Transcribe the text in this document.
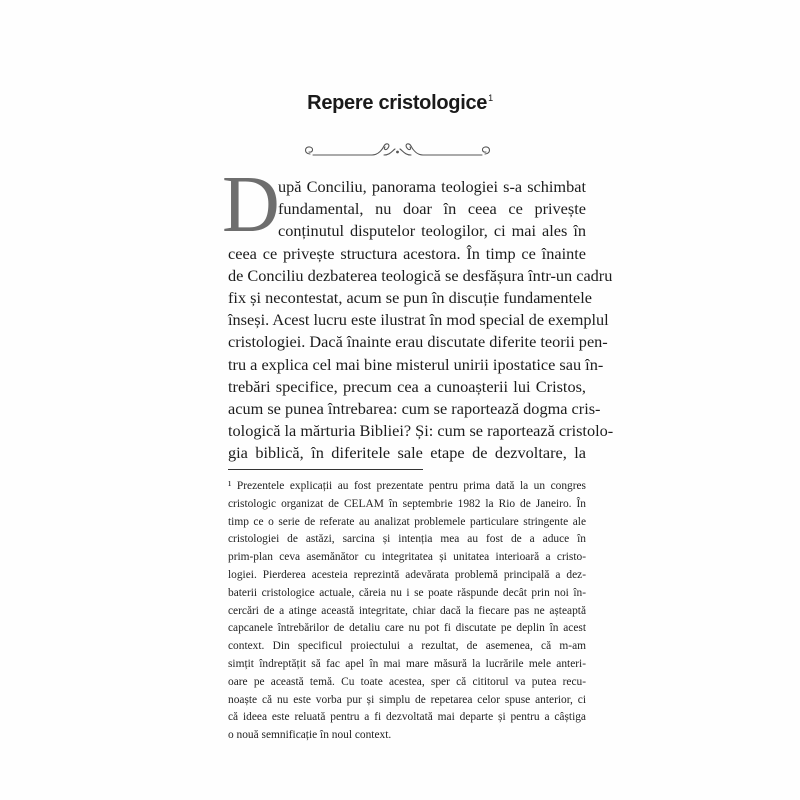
Repere cristologice$^1$
D
upă Conciliu, panorama teologiei s-a schimbat
fundamental, nu doar în ceea ce privește
conținutul disputelor teologilor, ci mai ales în
ceea ce privește structura acestora. În timp ce înainte
de Conciliu dezbaterea teologică se desfășura într-un cadru
fix și necontestat, acum se pun în discuție fundamentele
înseși. Acest lucru este ilustrat în mod special de exemplul
cristologiei. Dacă înainte erau discutate diferite teorii pen-
tru a explica cel mai bine misterul unirii ipostatice sau în-
trebări specifice, precum cea a cunoașterii lui Cristos,
acum se punea întrebarea: cum se raportează dogma cris-
tologică la mărturia Bibliei? Și: cum se raportează cristolo-
gia biblică, în diferitele sale etape de dezvoltare, la
¹ Prezentele explicații au fost prezentate pentru prima dată la un congres
cristologic organizat de CELAM în septembrie 1982 la Rio de Janeiro. În
timp ce o serie de referate au analizat problemele particulare stringente ale
cristologiei de astăzi, sarcina și intenția mea au fost de a aduce în
prim-plan ceva asemănător cu integritatea și unitatea interioară a cristo-
logiei. Pierderea acesteia reprezintă adevărata problemă principală a dez-
baterii cristologice actuale, căreia nu i se poate răspunde decât prin noi în-
cercări de a atinge această integritate, chiar dacă la fiecare pas ne așteaptă
capcanele întrebărilor de detaliu care nu pot fi discutate pe deplin în acest
context. Din specificul proiectului a rezultat, de asemenea, că m-am
simțit îndreptățit să fac apel în mai mare măsură la lucrările mele anteri-
oare pe această temă. Cu toate acestea, sper că cititorul va putea recu-
noaște că nu este vorba pur și simplu de repetarea celor spuse anterior, ci
că ideea este reluată pentru a fi dezvoltată mai departe și pentru a câștiga
o nouă semnificație în noul context.
